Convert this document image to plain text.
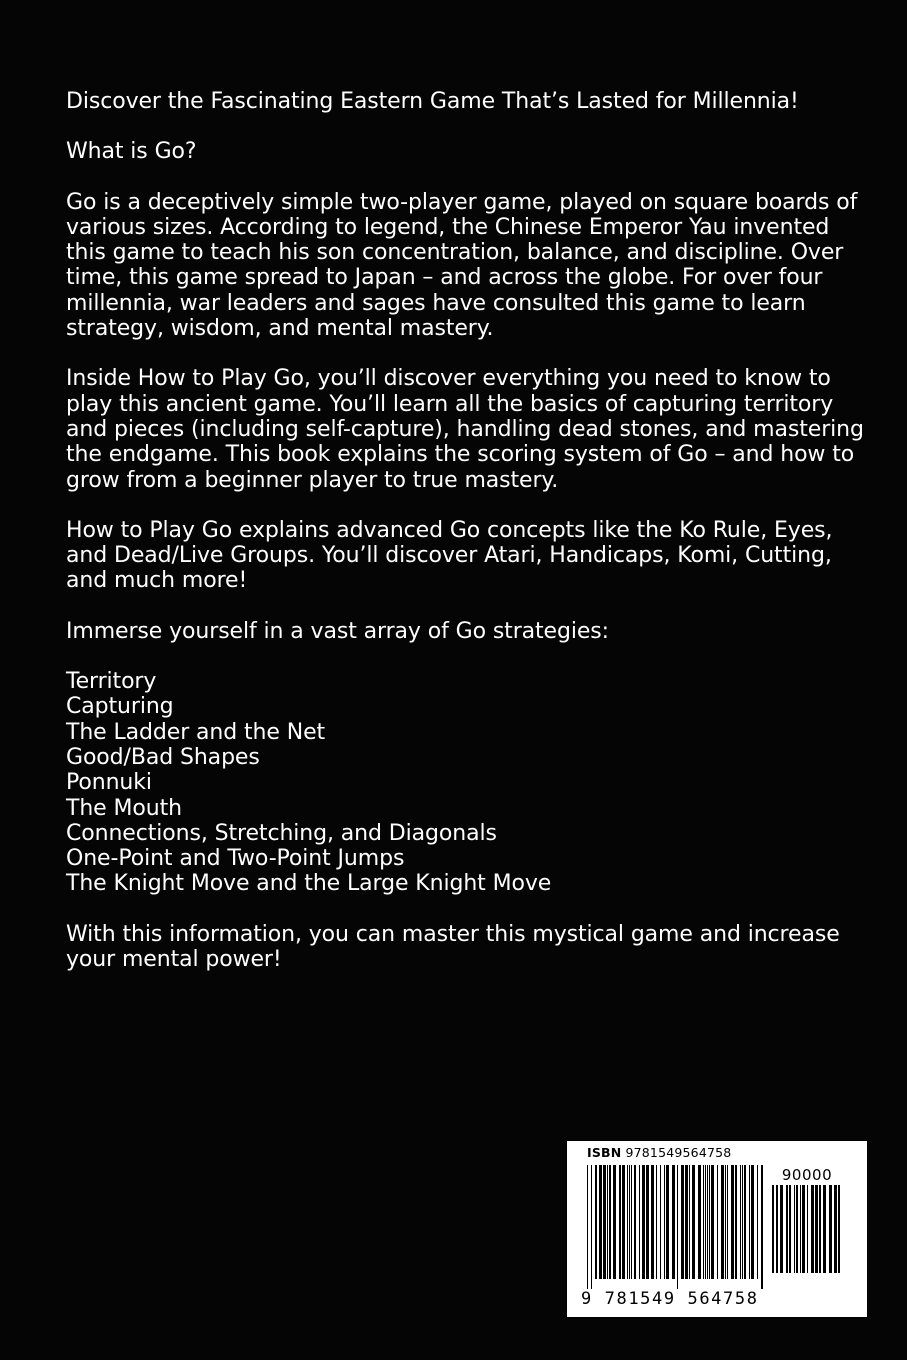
Discover the Fascinating Eastern Game That’s Lasted for Millennia!

What is Go?

Go is a deceptively simple two-player game, played on square boards of various sizes. According to legend, the Chinese Emperor Yau invented this game to teach his son concentration, balance, and discipline. Over time, this game spread to Japan – and across the globe. For over four millennia, war leaders and sages have consulted this game to learn strategy, wisdom, and mental mastery.

Inside How to Play Go, you’ll discover everything you need to know to play this ancient game. You’ll learn all the basics of capturing territory and pieces (including self-capture), handling dead stones, and mastering the endgame. This book explains the scoring system of Go – and how to grow from a beginner player to true mastery.

How to Play Go explains advanced Go concepts like the Ko Rule, Eyes, and Dead/Live Groups. You’ll discover Atari, Handicaps, Komi, Cutting, and much more!

Immerse yourself in a vast array of Go strategies:

Territory
Capturing
The Ladder and the Net
Good/Bad Shapes
Ponnuki
The Mouth
Connections, Stretching, and Diagonals
One-Point and Two-Point Jumps
The Knight Move and the Large Knight Move

With this information, you can master this mystical game and increase your mental power!

ISBN 9781549564758
90000
9 781549 564758
